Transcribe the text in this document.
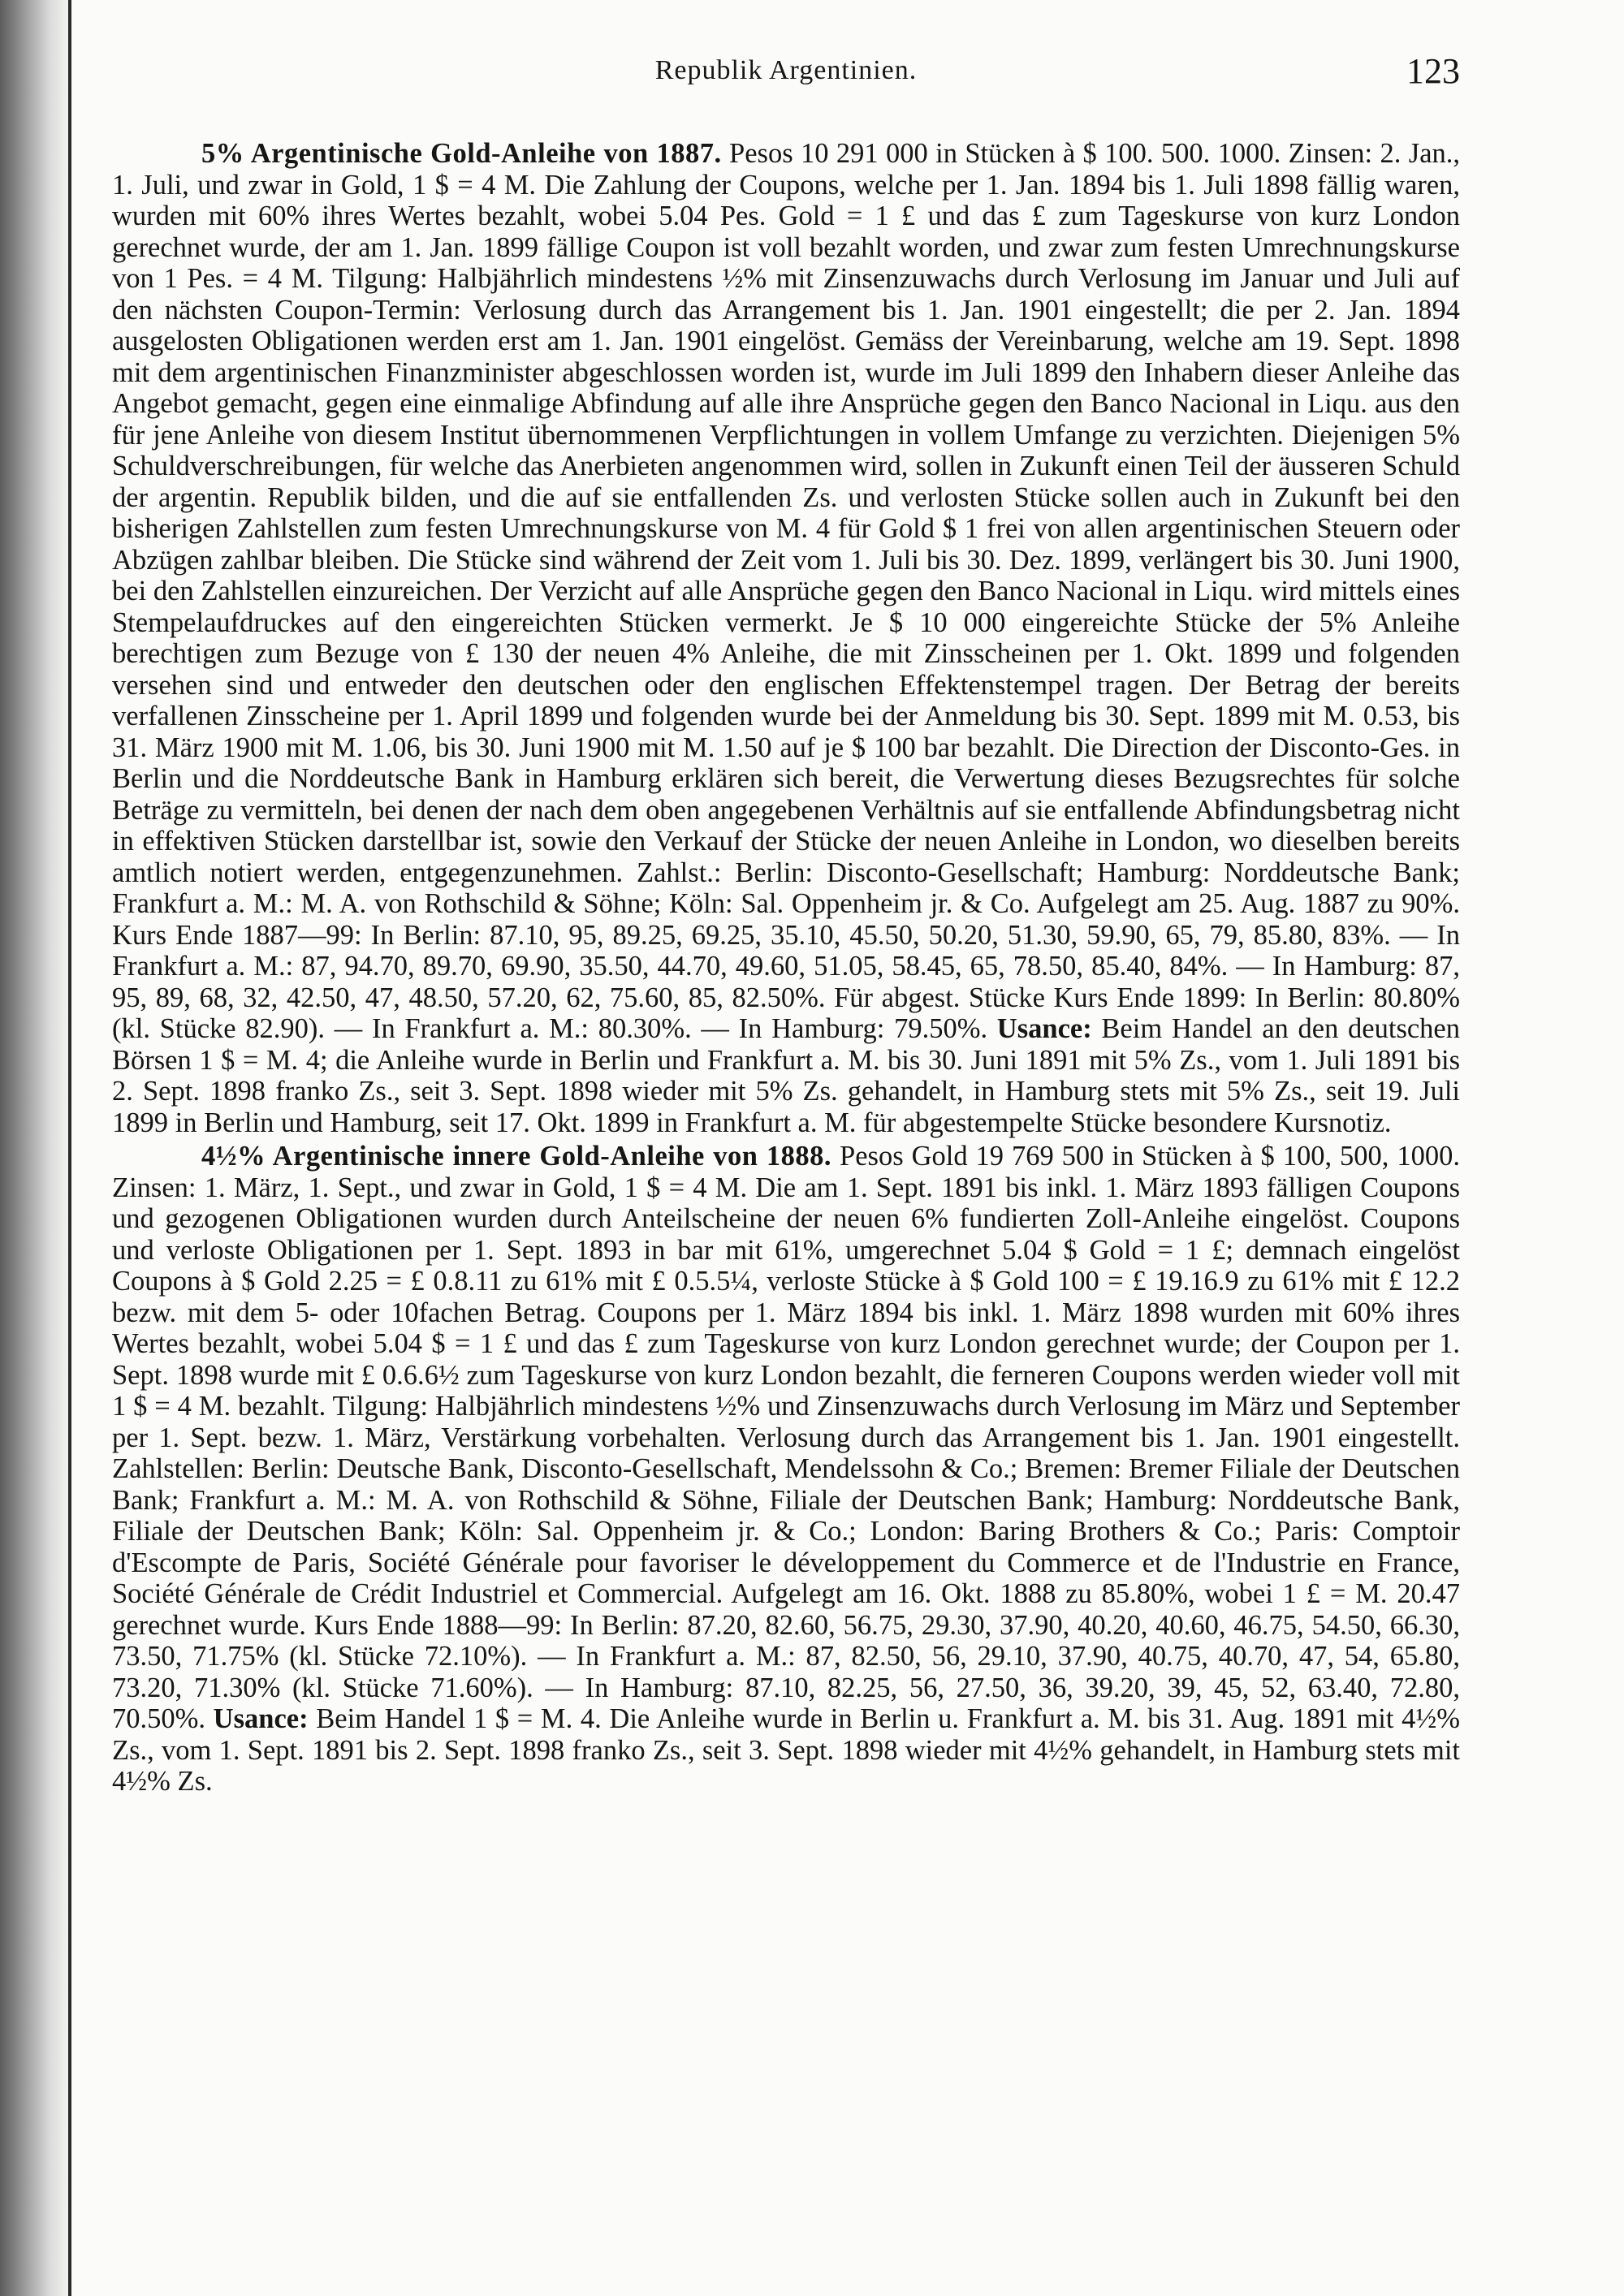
Republik Argentinien.	123

5% Argentinische Gold-Anleihe von 1887. Pesos 10 291 000 in Stücken à $ 100. 500. 1000. Zinsen: 2. Jan., 1. Juli, und zwar in Gold, 1 $ = 4 M. Die Zahlung der Coupons, welche per 1. Jan. 1894 bis 1. Juli 1898 fällig waren, wurden mit 60% ihres Wertes bezahlt, wobei 5.04 Pes. Gold = 1 £ und das £ zum Tageskurse von kurz London gerechnet wurde, der am 1. Jan. 1899 fällige Coupon ist voll bezahlt worden, und zwar zum festen Umrechnungskurse von 1 Pes. = 4 M. Tilgung: Halbjährlich mindestens ½% mit Zinsenzuwachs durch Verlosung im Januar und Juli auf den nächsten Coupon-Termin: Verlosung durch das Arrangement bis 1. Jan. 1901 eingestellt; die per 2. Jan. 1894 ausgelosten Obligationen werden erst am 1. Jan. 1901 eingelöst. Gemäss der Vereinbarung, welche am 19. Sept. 1898 mit dem argentinischen Finanzminister abgeschlossen worden ist, wurde im Juli 1899 den Inhabern dieser Anleihe das Angebot gemacht, gegen eine einmalige Abfindung auf alle ihre Ansprüche gegen den Banco Nacional in Liqu. aus den für jene Anleihe von diesem Institut übernommenen Verpflichtungen in vollem Umfange zu verzichten. Diejenigen 5% Schuldverschreibungen, für welche das Anerbieten angenommen wird, sollen in Zukunft einen Teil der äusseren Schuld der argentin. Republik bilden, und die auf sie entfallenden Zs. und verlosten Stücke sollen auch in Zukunft bei den bisherigen Zahlstellen zum festen Umrechnungskurse von M. 4 für Gold $ 1 frei von allen argentinischen Steuern oder Abzügen zahlbar bleiben. Die Stücke sind während der Zeit vom 1. Juli bis 30. Dez. 1899, verlängert bis 30. Juni 1900, bei den Zahlstellen einzureichen. Der Verzicht auf alle Ansprüche gegen den Banco Nacional in Liqu. wird mittels eines Stempelaufdruckes auf den eingereichten Stücken vermerkt. Je $ 10 000 eingereichte Stücke der 5% Anleihe berechtigen zum Bezuge von £ 130 der neuen 4% Anleihe, die mit Zinsscheinen per 1. Okt. 1899 und folgenden versehen sind und entweder den deutschen oder den englischen Effektenstempel tragen. Der Betrag der bereits verfallenen Zinsscheine per 1. April 1899 und folgenden wurde bei der Anmeldung bis 30. Sept. 1899 mit M. 0.53, bis 31. März 1900 mit M. 1.06, bis 30. Juni 1900 mit M. 1.50 auf je $ 100 bar bezahlt. Die Direction der Disconto-Ges. in Berlin und die Norddeutsche Bank in Hamburg erklären sich bereit, die Verwertung dieses Bezugsrechtes für solche Beträge zu vermitteln, bei denen der nach dem oben angegebenen Verhältnis auf sie entfallende Abfindungsbetrag nicht in effektiven Stücken darstellbar ist, sowie den Verkauf der Stücke der neuen Anleihe in London, wo dieselben bereits amtlich notiert werden, entgegenzunehmen. Zahlst.: Berlin: Disconto-Gesellschaft; Hamburg: Norddeutsche Bank; Frankfurt a. M.: M. A. von Rothschild & Söhne; Köln: Sal. Oppenheim jr. & Co. Aufgelegt am 25. Aug. 1887 zu 90%. Kurs Ende 1887—99: In Berlin: 87.10, 95, 89.25, 69.25, 35.10, 45.50, 50.20, 51.30, 59.90, 65, 79, 85.80, 83%. — In Frankfurt a. M.: 87, 94.70, 89.70, 69.90, 35.50, 44.70, 49.60, 51.05, 58.45, 65, 78.50, 85.40, 84%. — In Hamburg: 87, 95, 89, 68, 32, 42.50, 47, 48.50, 57.20, 62, 75.60, 85, 82.50%. Für abgest. Stücke Kurs Ende 1899: In Berlin: 80.80% (kl. Stücke 82.90). — In Frankfurt a. M.: 80.30%. — In Hamburg: 79.50%. Usance: Beim Handel an den deutschen Börsen 1 $ = M. 4; die Anleihe wurde in Berlin und Frankfurt a. M. bis 30. Juni 1891 mit 5% Zs., vom 1. Juli 1891 bis 2. Sept. 1898 franko Zs., seit 3. Sept. 1898 wieder mit 5% Zs. gehandelt, in Hamburg stets mit 5% Zs., seit 19. Juli 1899 in Berlin und Hamburg, seit 17. Okt. 1899 in Frankfurt a. M. für abgestempelte Stücke besondere Kursnotiz.

4½% Argentinische innere Gold-Anleihe von 1888. Pesos Gold 19 769 500 in Stücken à $ 100, 500, 1000. Zinsen: 1. März, 1. Sept., und zwar in Gold, 1 $ = 4 M. Die am 1. Sept. 1891 bis inkl. 1. März 1893 fälligen Coupons und gezogenen Obligationen wurden durch Anteilscheine der neuen 6% fundierten Zoll-Anleihe eingelöst. Coupons und verloste Obligationen per 1. Sept. 1893 in bar mit 61%, umgerechnet 5.04 $ Gold = 1 £; demnach eingelöst Coupons à $ Gold 2.25 = £ 0.8.11 zu 61% mit £ 0.5.5¼, verloste Stücke à $ Gold 100 = £ 19.16.9 zu 61% mit £ 12.2 bezw. mit dem 5- oder 10fachen Betrag. Coupons per 1. März 1894 bis inkl. 1. März 1898 wurden mit 60% ihres Wertes bezahlt, wobei 5.04 $ = 1 £ und das £ zum Tageskurse von kurz London gerechnet wurde; der Coupon per 1. Sept. 1898 wurde mit £ 0.6.6½ zum Tageskurse von kurz London bezahlt, die ferneren Coupons werden wieder voll mit 1 $ = 4 M. bezahlt. Tilgung: Halbjährlich mindestens ½% und Zinsenzuwachs durch Verlosung im März und September per 1. Sept. bezw. 1. März, Verstärkung vorbehalten. Verlosung durch das Arrangement bis 1. Jan. 1901 eingestellt. Zahlstellen: Berlin: Deutsche Bank, Disconto-Gesellschaft, Mendelssohn & Co.; Bremen: Bremer Filiale der Deutschen Bank; Frankfurt a. M.: M. A. von Rothschild & Söhne, Filiale der Deutschen Bank; Hamburg: Norddeutsche Bank, Filiale der Deutschen Bank; Köln: Sal. Oppenheim jr. & Co.; London: Baring Brothers & Co.; Paris: Comptoir d'Escompte de Paris, Société Générale pour favoriser le développement du Commerce et de l'Industrie en France, Société Générale de Crédit Industriel et Commercial. Aufgelegt am 16. Okt. 1888 zu 85.80%, wobei 1 £ = M. 20.47 gerechnet wurde. Kurs Ende 1888—99: In Berlin: 87.20, 82.60, 56.75, 29.30, 37.90, 40.20, 40.60, 46.75, 54.50, 66.30, 73.50, 71.75% (kl. Stücke 72.10%). — In Frankfurt a. M.: 87, 82.50, 56, 29.10, 37.90, 40.75, 40.70, 47, 54, 65.80, 73.20, 71.30% (kl. Stücke 71.60%). — In Hamburg: 87.10, 82.25, 56, 27.50, 36, 39.20, 39, 45, 52, 63.40, 72.80, 70.50%. Usance: Beim Handel 1 $ = M. 4. Die Anleihe wurde in Berlin u. Frankfurt a. M. bis 31. Aug. 1891 mit 4½% Zs., vom 1. Sept. 1891 bis 2. Sept. 1898 franko Zs., seit 3. Sept. 1898 wieder mit 4½% gehandelt, in Hamburg stets mit 4½% Zs.
